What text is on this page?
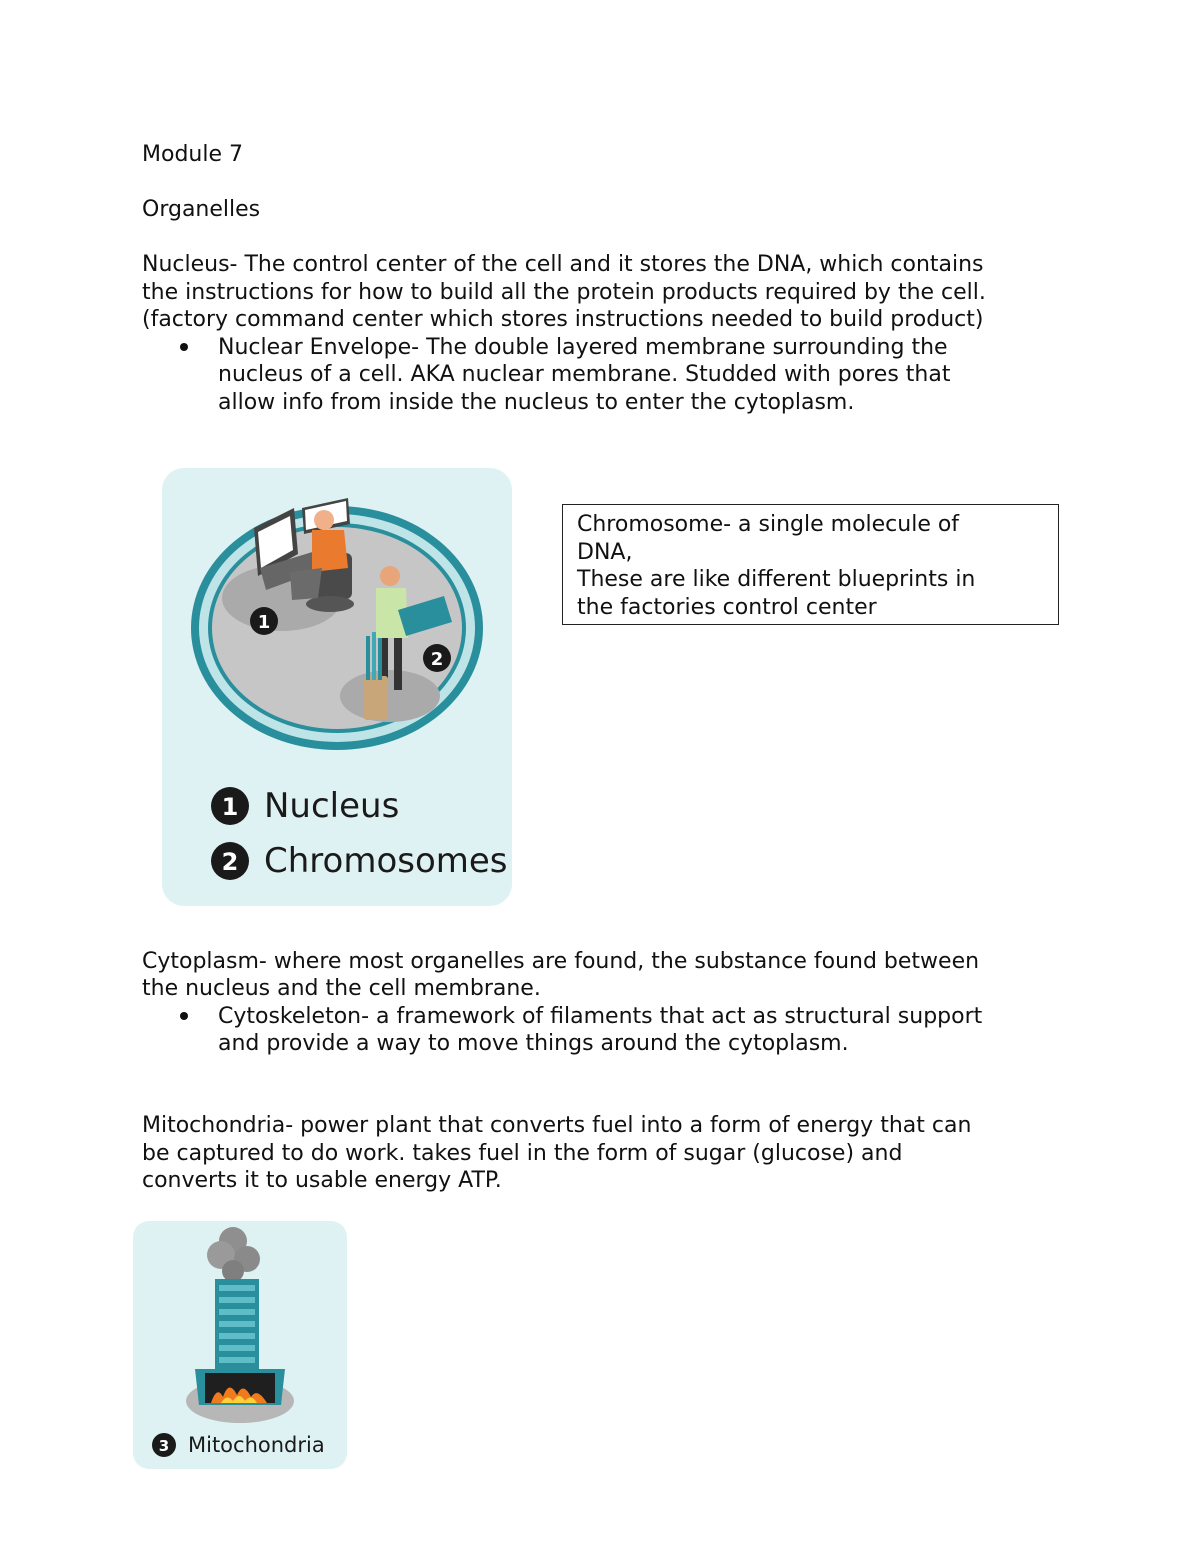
Module 7
Organelles
Nucleus- The control center of the cell and it stores the DNA, which contains
the instructions for how to build all the protein products required by the cell.
(factory command center which stores instructions needed to build product)
Nuclear Envelope- The double layered membrane surrounding the
nucleus of a cell. AKA nuclear membrane. Studded with pores that
allow info from inside the nucleus to enter the cytoplasm.
1
2
1 Nucleus
2 Chromosomes
Chromosome- a single molecule of
DNA,
These are like different blueprints in
the factories control center
Cytoplasm- where most organelles are found, the substance found between
the nucleus and the cell membrane.
Cytoskeleton- a framework of filaments that act as structural support
and provide a way to move things around the cytoplasm.
Mitochondria- power plant that converts fuel into a form of energy that can
be captured to do work. takes fuel in the form of sugar (glucose) and
converts it to usable energy ATP.
3 Mitochondria
